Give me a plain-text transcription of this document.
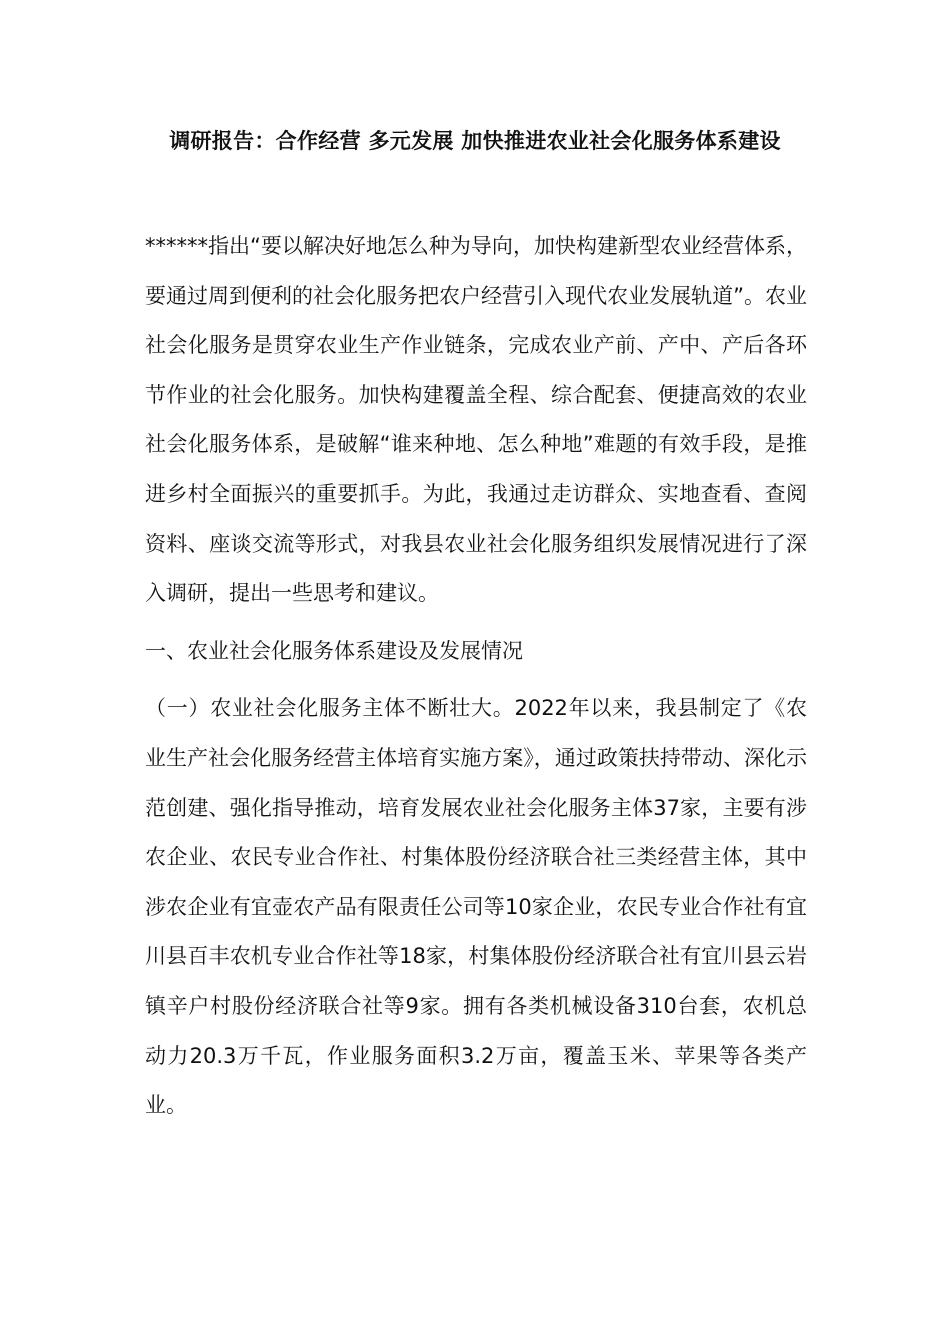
调研报告：合作经营 多元发展 加快推进农业社会化服务体系建设

******指出“要以解决好地怎么种为导向，加快构建新型农业经营体系，要通过周到便利的社会化服务把农户经营引入现代农业发展轨道”。农业社会化服务是贯穿农业生产作业链条，完成农业产前、产中、产后各环节作业的社会化服务。加快构建覆盖全程、综合配套、便捷高效的农业社会化服务体系，是破解“谁来种地、怎么种地”难题的有效手段，是推进乡村全面振兴的重要抓手。为此，我通过走访群众、实地查看、查阅资料、座谈交流等形式，对我县农业社会化服务组织发展情况进行了深入调研，提出一些思考和建议。

一、农业社会化服务体系建设及发展情况

（一）农业社会化服务主体不断壮大。2022年以来，我县制定了《农业生产社会化服务经营主体培育实施方案》，通过政策扶持带动、深化示范创建、强化指导推动，培育发展农业社会化服务主体37家，主要有涉农企业、农民专业合作社、村集体股份经济联合社三类经营主体，其中涉农企业有宜壶农产品有限责任公司等10家企业，农民专业合作社有宜川县百丰农机专业合作社等18家，村集体股份经济联合社有宜川县云岩镇辛户村股份经济联合社等9家。拥有各类机械设备310台套，农机总动力20.3万千瓦，作业服务面积3.2万亩，覆盖玉米、苹果等各类产业。
